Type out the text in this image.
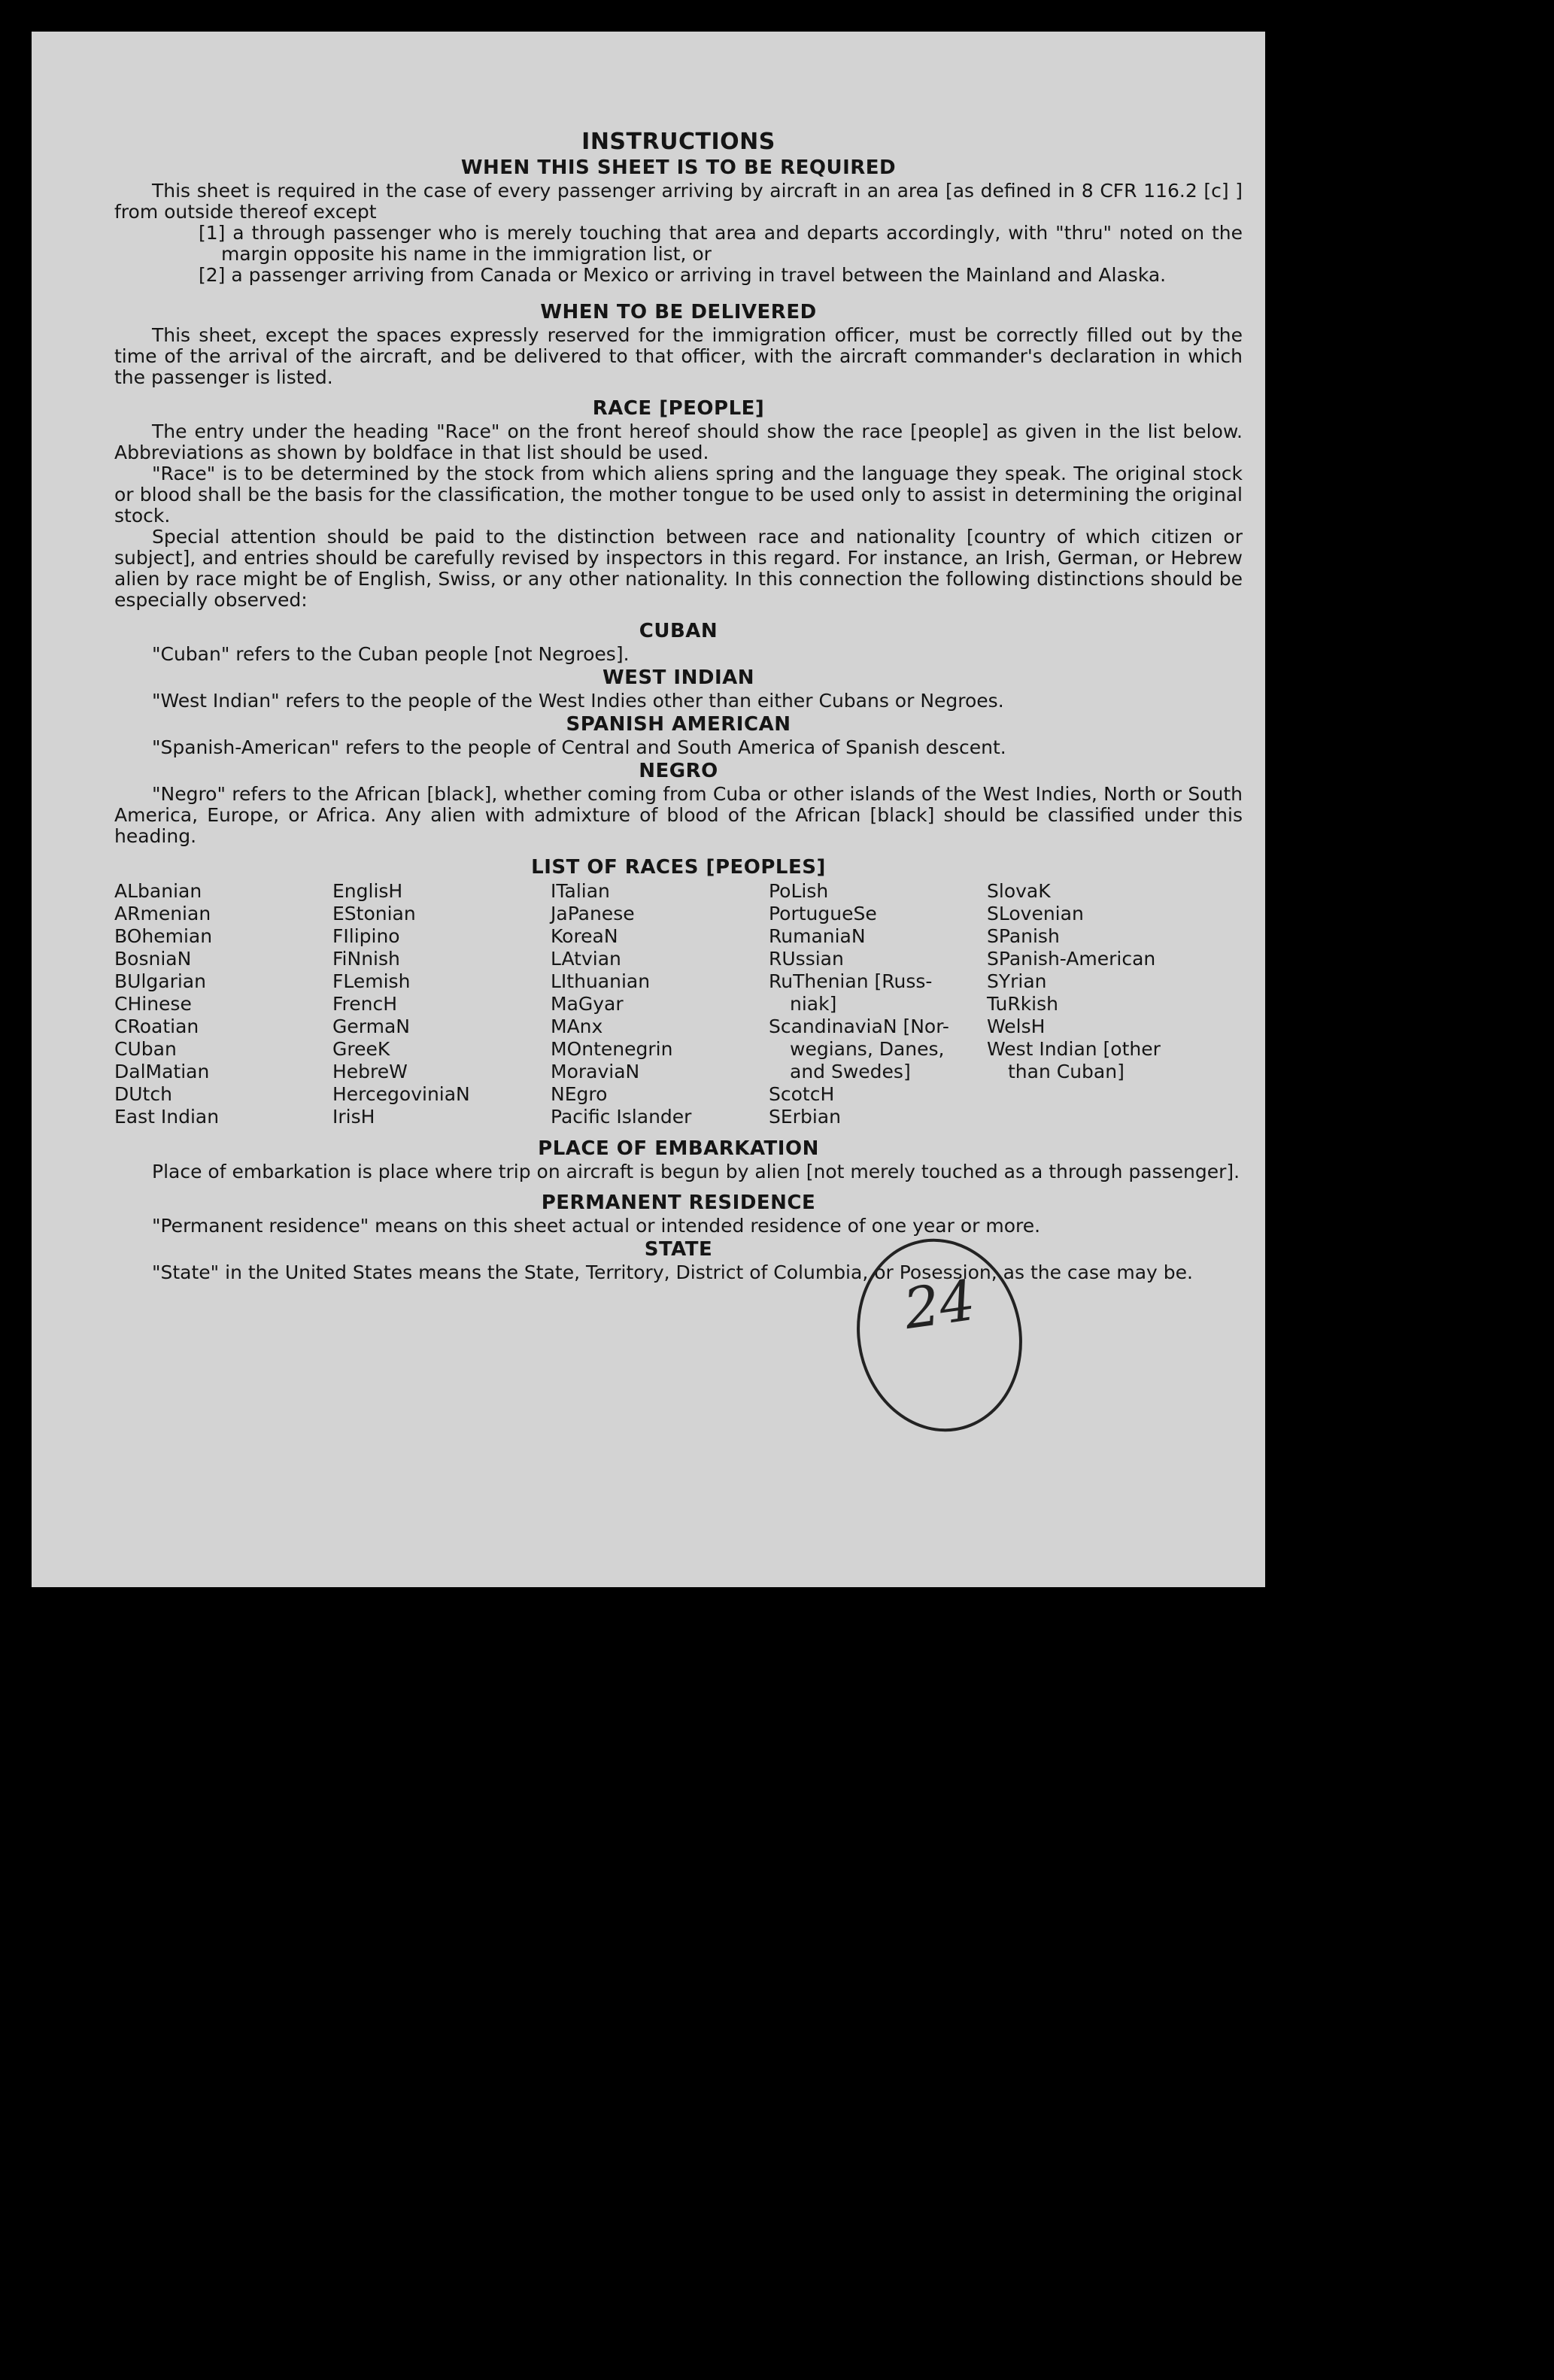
INSTRUCTIONS
WHEN THIS SHEET IS TO BE REQUIRED

This sheet is required in the case of every passenger arriving by aircraft in an area [as defined in 8 CFR 116.2 [c] ] from outside thereof except

[1] a through passenger who is merely touching that area and departs accordingly, with "thru" noted on the margin opposite his name in the immigration list, or

[2] a passenger arriving from Canada or Mexico or arriving in travel between the Mainland and Alaska.

WHEN TO BE DELIVERED

This sheet, except the spaces expressly reserved for the immigration officer, must be correctly filled out by the time of the arrival of the aircraft, and be delivered to that officer, with the aircraft commander's declaration in which the passenger is listed.

RACE [PEOPLE]

The entry under the heading "Race" on the front hereof should show the race [people] as given in the list below. Abbreviations as shown by boldface in that list should be used.

"Race" is to be determined by the stock from which aliens spring and the language they speak. The original stock or blood shall be the basis for the classification, the mother tongue to be used only to assist in determining the original stock.

Special attention should be paid to the distinction between race and nationality [country of which citizen or subject], and entries should be carefully revised by inspectors in this regard. For instance, an Irish, German, or Hebrew alien by race might be of English, Swiss, or any other nationality. In this connection the following distinctions should be especially observed:

CUBAN

"Cuban" refers to the Cuban people [not Negroes].

WEST INDIAN

"West Indian" refers to the people of the West Indies other than either Cubans or Negroes.

SPANISH AMERICAN

"Spanish-American" refers to the people of Central and South America of Spanish descent.

NEGRO

"Negro" refers to the African [black], whether coming from Cuba or other islands of the West Indies, North or South America, Europe, or Africa. Any alien with admixture of blood of the African [black] should be classified under this heading.

LIST OF RACES [PEOPLES]
ALbanian
ARmenian
BOhemian
BosniaN
BUlgarian
CHinese
CRoatian
CUban
DalMatian
DUtch
East Indian
EnglisH
EStonian
FIlipino
FiNnish
FLemish
FrencH
GermaN
GreeK
HebreW
HercegoviniaN
IrisH
ITalian
JaPanese
KoreaN
LAtvian
LIthuanian
MaGyar
MAnx
MOntenegrin
MoraviaN
NEgro
Pacific Islander
PoLish
PortugueSe
RumaniaN
RUssian
RuThenian [Russ-
niak]
ScandinaviaN [Nor-
wegians, Danes,
and Swedes]
ScotcH
SErbian
SlovaK
SLovenian
SPanish
SPanish-American
SYrian
TuRkish
WelsH
West Indian [other
than Cuban]
PLACE OF EMBARKATION

Place of embarkation is place where trip on aircraft is begun by alien [not merely touched as a through passenger].

PERMANENT RESIDENCE

"Permanent residence" means on this sheet actual or intended residence of one year or more.

STATE

"State" in the United States means the State, Territory, District of Columbia, or Posession, as the case may be.

24
